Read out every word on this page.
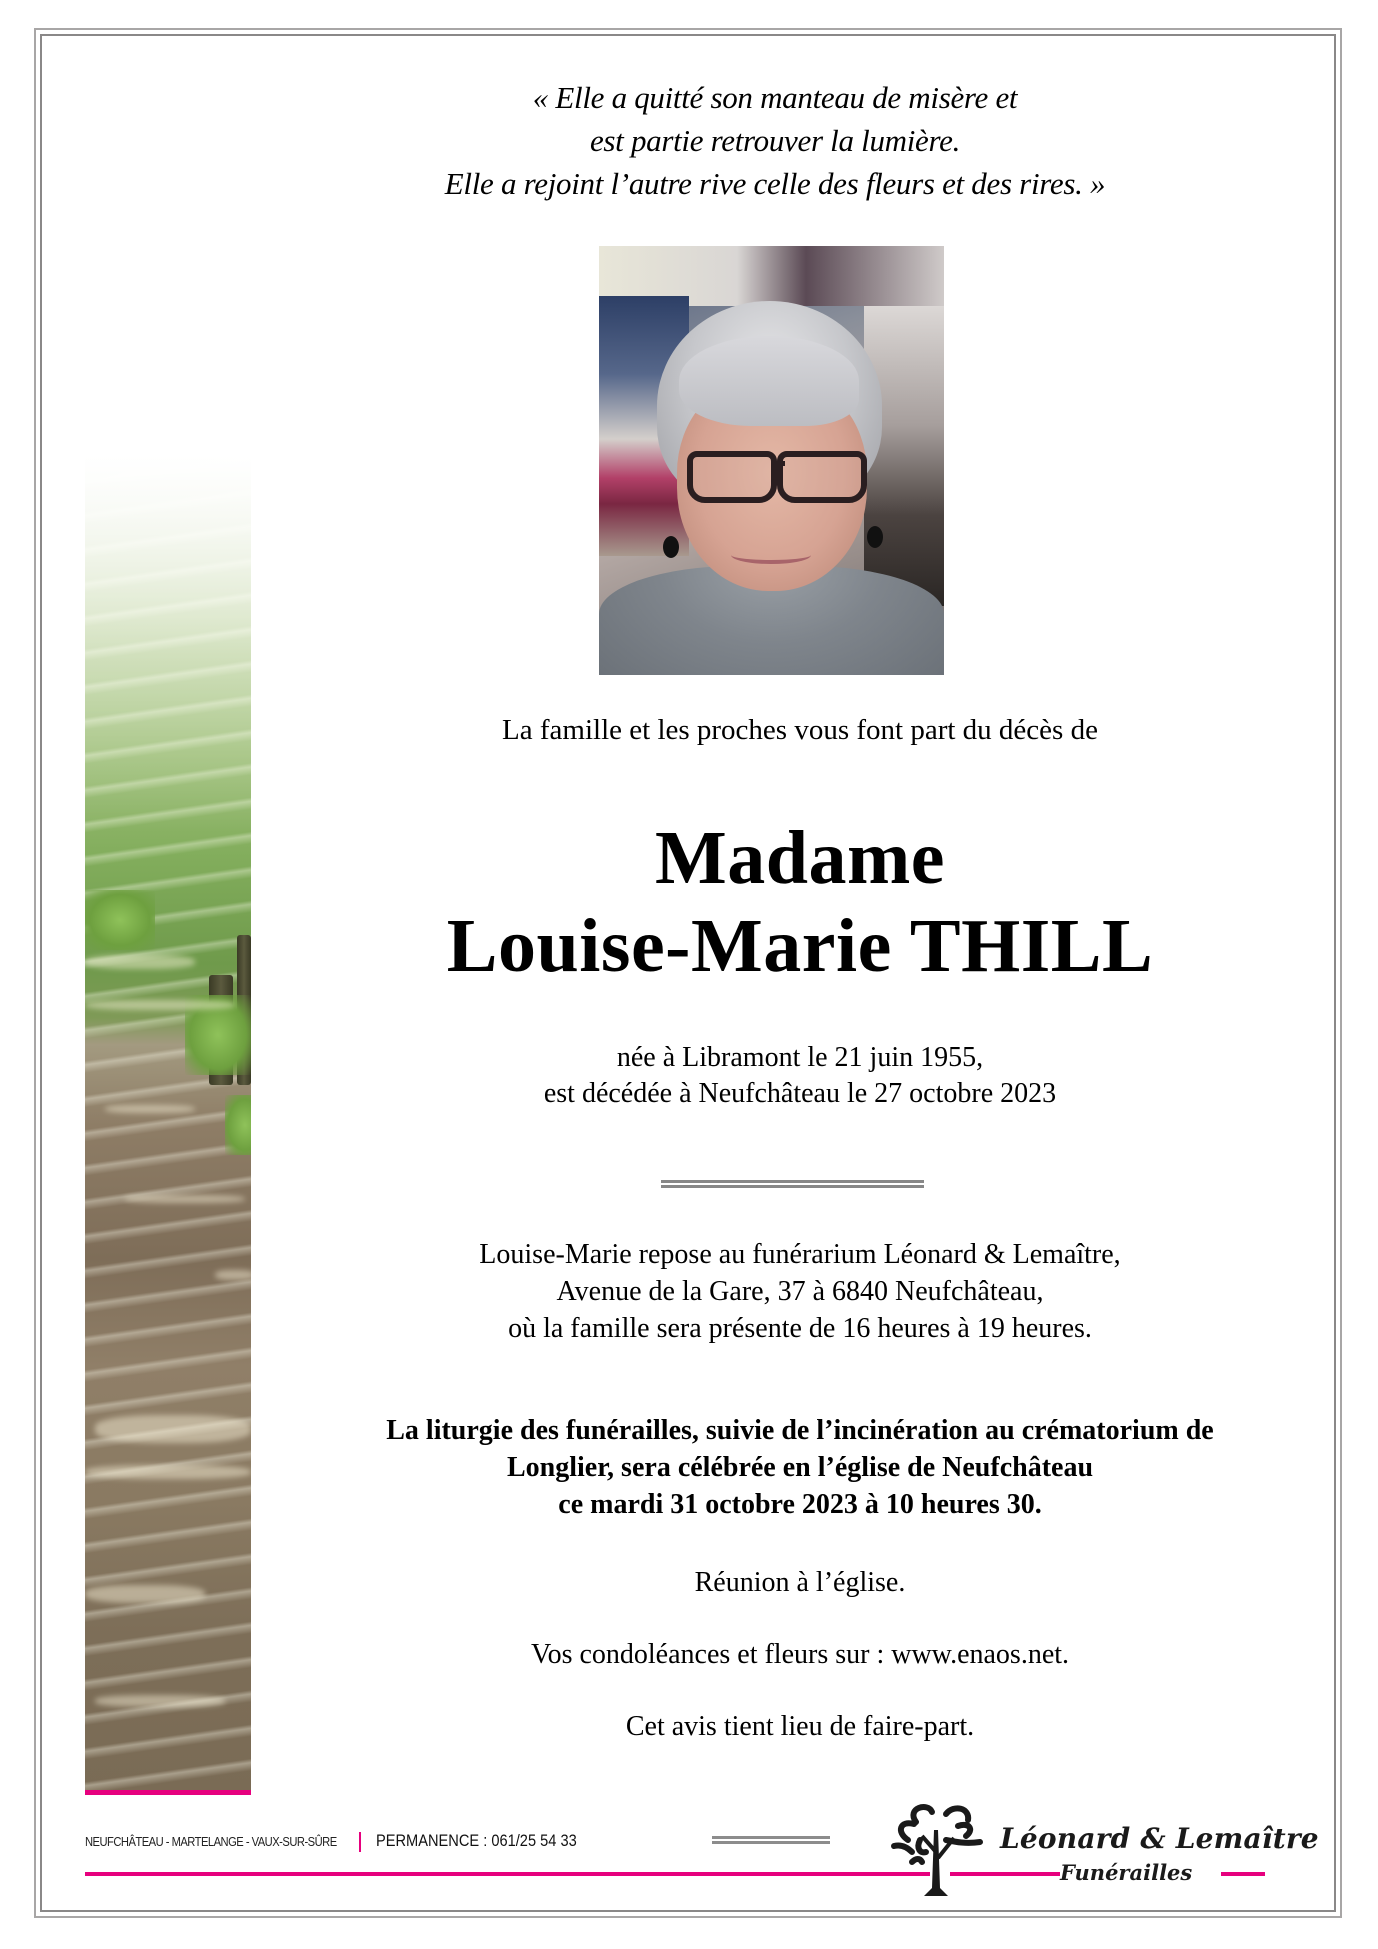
« Elle a quitté son manteau de misère et
est partie retrouver la lumière.
Elle a rejoint l’autre rive celle des fleurs et des rires. »
La famille et les proches vous font part du décès de
Madame
Louise-Marie THILL
née à Libramont le 21 juin 1955,
est décédée à Neufchâteau le 27 octobre 2023
Louise-Marie repose au funérarium Léonard & Lemaître,
Avenue de la Gare, 37 à 6840 Neufchâteau,
où la famille sera présente de 16 heures à 19 heures.
La liturgie des funérailles, suivie de l’incinération au crématorium de
Longlier, sera célébrée en l’église de Neufchâteau
ce mardi 31 octobre 2023 à 10 heures 30.
Réunion à l’église.
Vos condoléances et fleurs sur : www.enaos.net.
Cet avis tient lieu de faire-part.
NEUFCHÂTEAU - MARTELANGE - VAUX-SUR-SÛRE PERMANENCE : 061/25 54 33	Léonard & Lemaître
Funérailles
